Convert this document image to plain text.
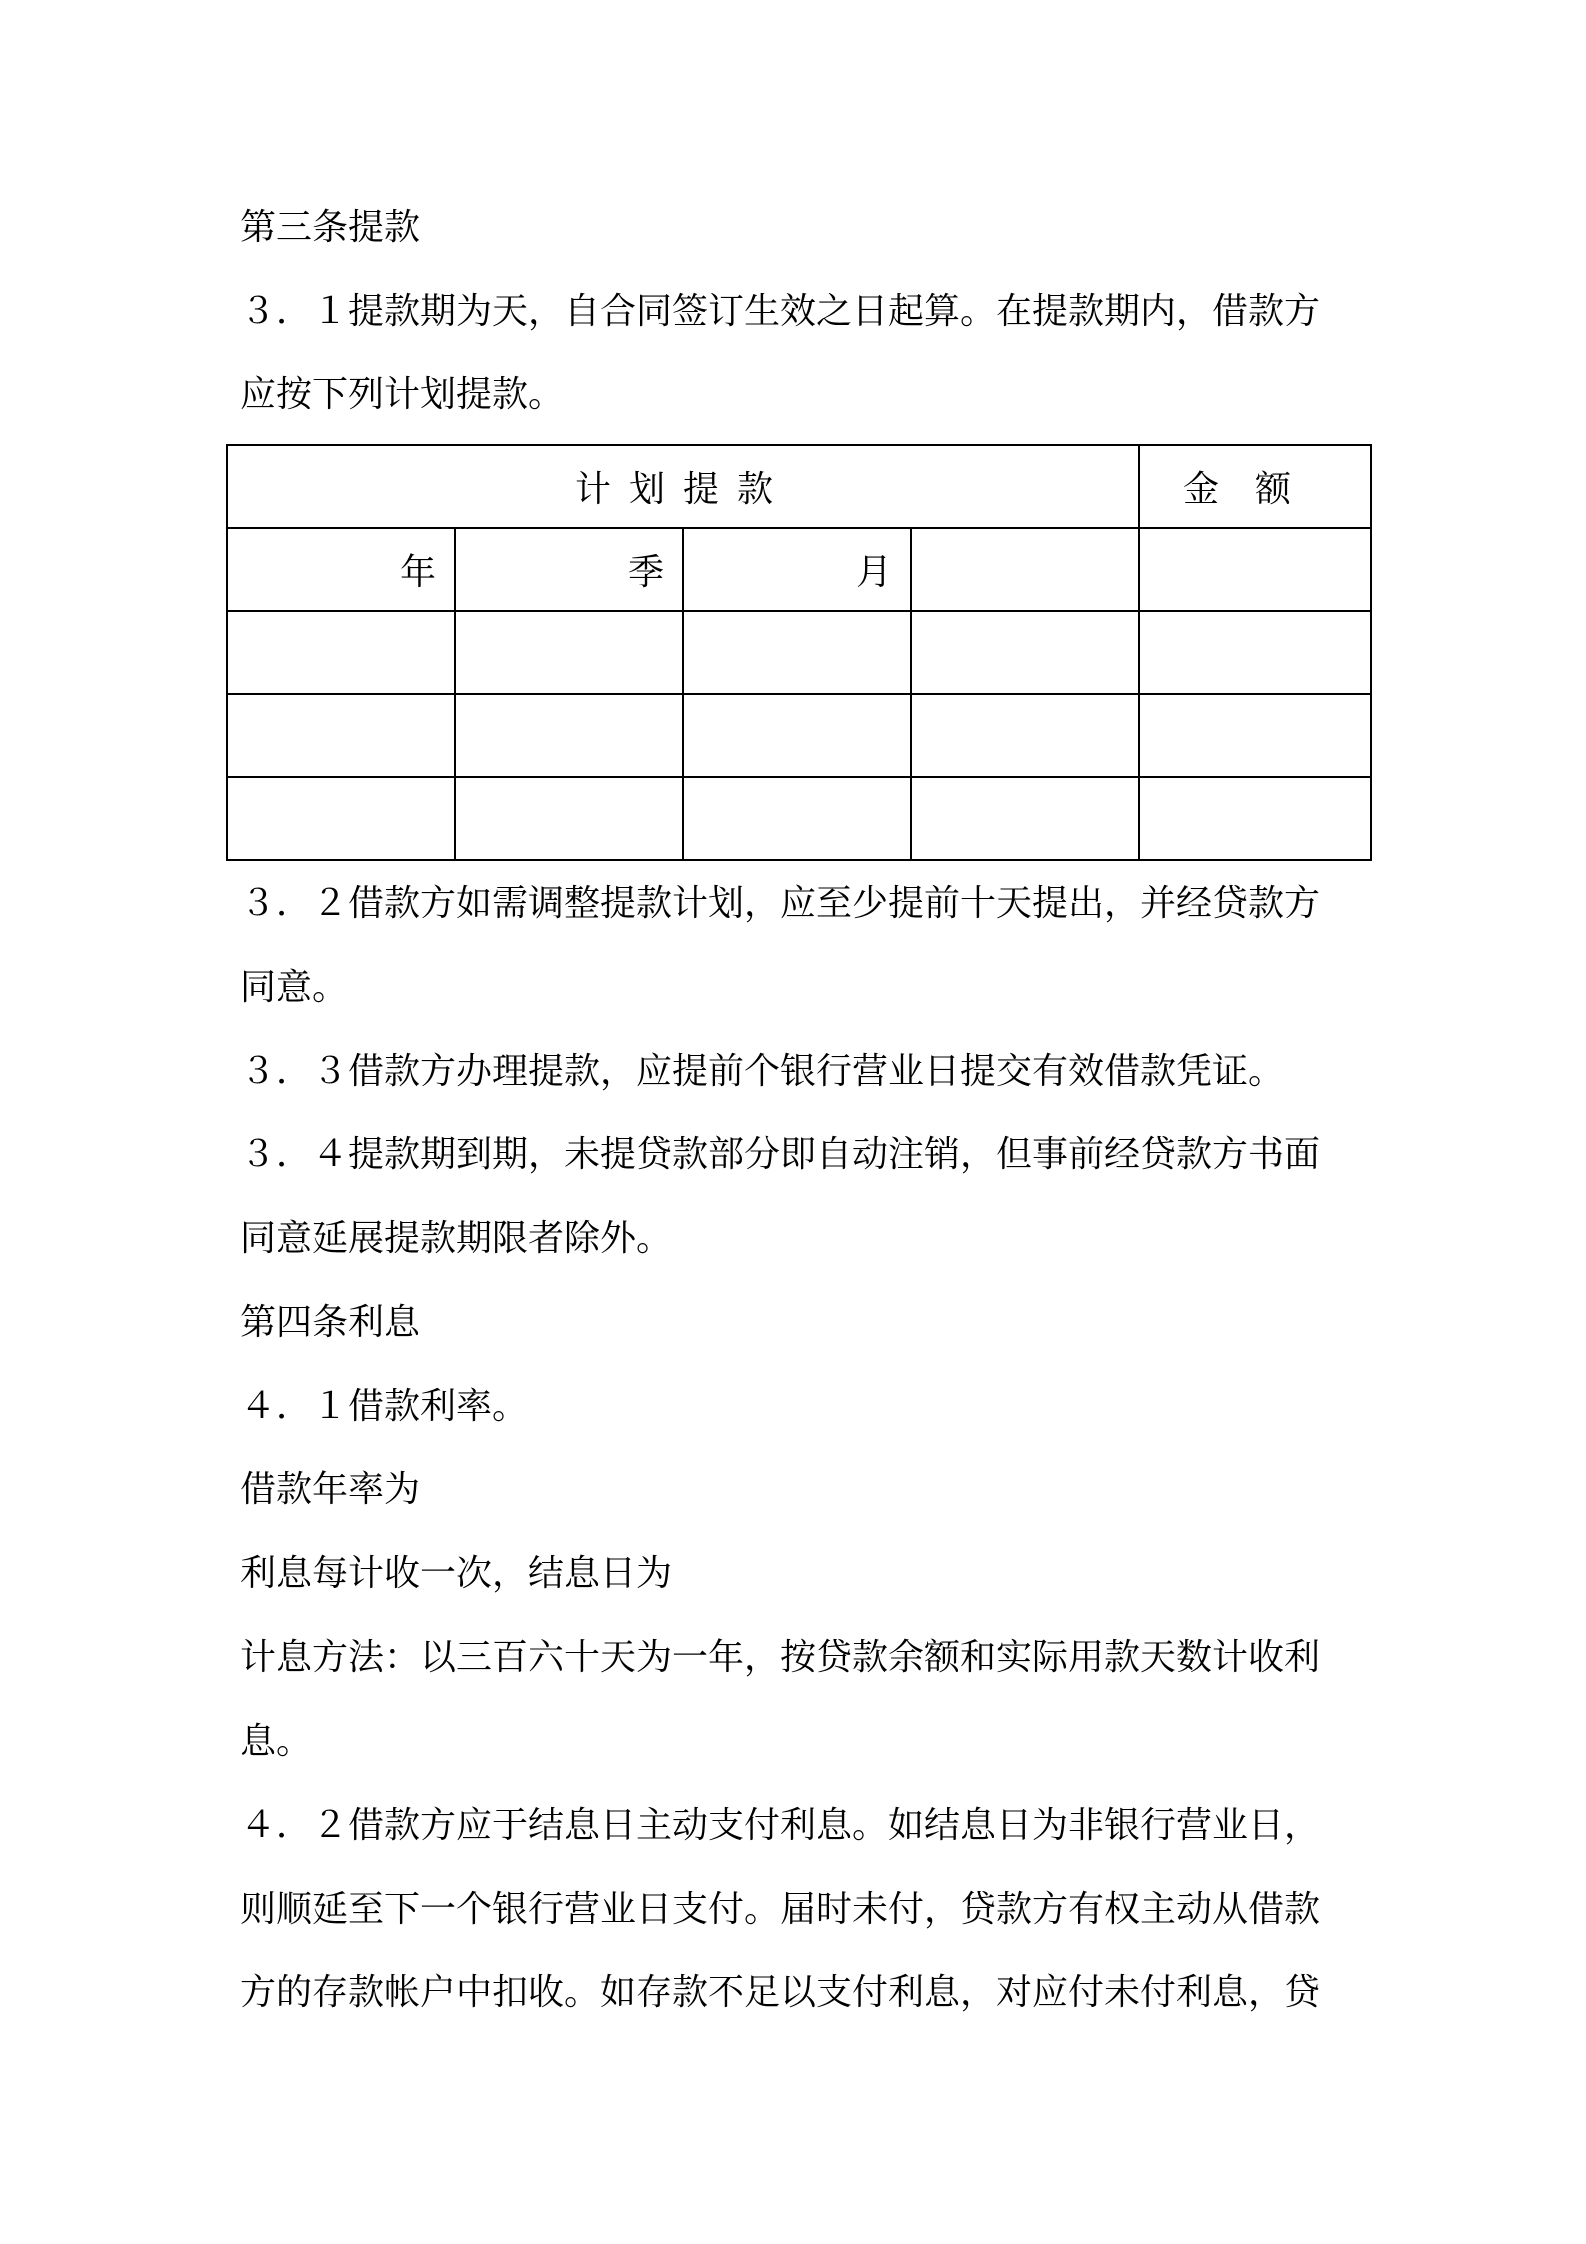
第三条提款

３．１提款期为天，自合同签订生效之日起算。在提款期内，借款方

应按下列计划提款。

计划提款				金额
年	季	月		

３．２借款方如需调整提款计划，应至少提前十天提出，并经贷款方

同意。

３．３借款方办理提款，应提前个银行营业日提交有效借款凭证。

３．４提款期到期，未提贷款部分即自动注销，但事前经贷款方书面

同意延展提款期限者除外。

第四条利息

４．１借款利率。

借款年率为

利息每计收一次，结息日为

计息方法：以三百六十天为一年，按贷款余额和实际用款天数计收利

息。

４．２借款方应于结息日主动支付利息。如结息日为非银行营业日，

则顺延至下一个银行营业日支付。届时未付，贷款方有权主动从借款

方的存款帐户中扣收。如存款不足以支付利息，对应付未付利息，贷
